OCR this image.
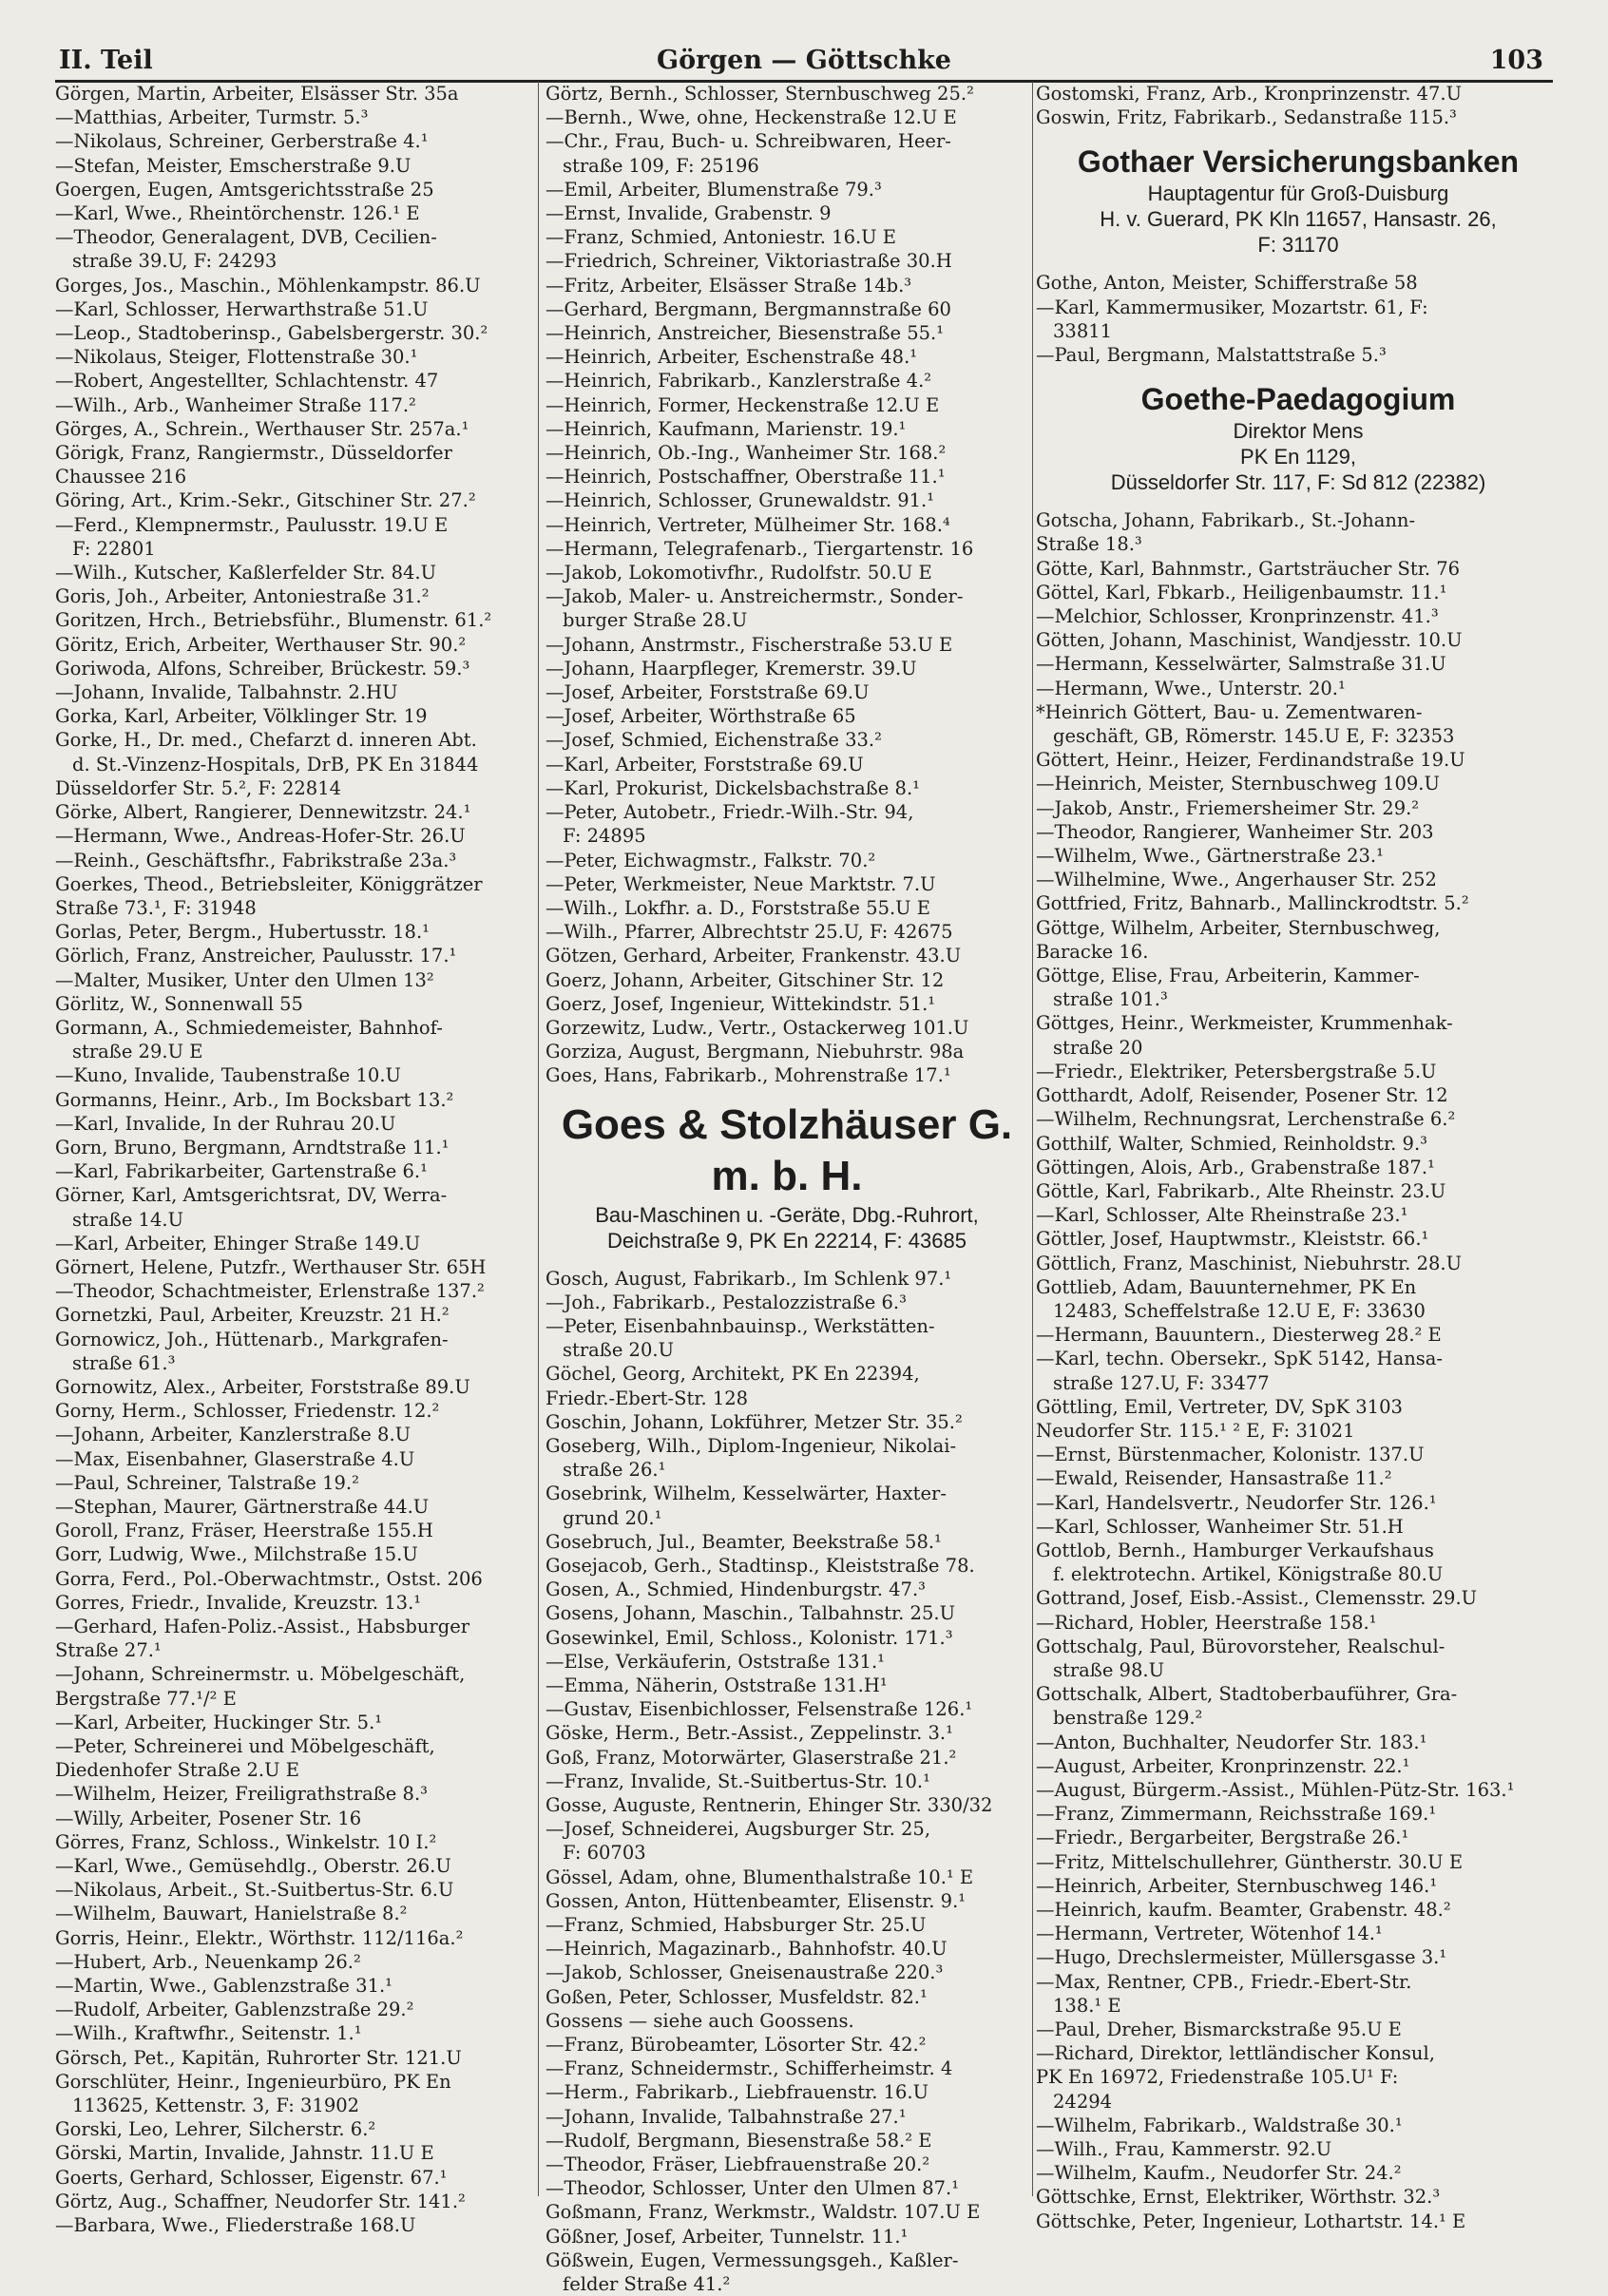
II. Teil	Görgen — Göttschke	103
Görgen, Martin, Arbeiter, Elsässer Str. 35a
—Matthias, Arbeiter, Turmstr. 5.³
—Nikolaus, Schreiner, Gerberstraße 4.¹
—Stefan, Meister, Emscherstraße 9.U
Goergen, Eugen, Amtsgerichtsstraße 25
—Karl, Wwe., Rheintörchenstr. 126.¹ E
—Theodor, Generalagent, DVB, Cecilien-
straße 39.U, F: 24293
Gorges, Jos., Maschin., Möhlenkampstr. 86.U
—Karl, Schlosser, Herwarthstraße 51.U
—Leop., Stadtoberinsp., Gabelsbergerstr. 30.²
—Nikolaus, Steiger, Flottenstraße 30.¹
—Robert, Angestellter, Schlachtenstr. 47
—Wilh., Arb., Wanheimer Straße 117.²
Görges, A., Schrein., Werthauser Str. 257a.¹
Görigk, Franz, Rangiermstr., Düsseldorfer
Chaussee 216
Göring, Art., Krim.-Sekr., Gitschiner Str. 27.²
—Ferd., Klempnermstr., Paulusstr. 19.U E
F: 22801
—Wilh., Kutscher, Kaßlerfelder Str. 84.U
Goris, Joh., Arbeiter, Antoniestraße 31.²
Goritzen, Hrch., Betriebsführ., Blumenstr. 61.²
Göritz, Erich, Arbeiter, Werthauser Str. 90.²
Goriwoda, Alfons, Schreiber, Brückestr. 59.³
—Johann, Invalide, Talbahnstr. 2.HU
Gorka, Karl, Arbeiter, Völklinger Str. 19
Gorke, H., Dr. med., Chefarzt d. inneren Abt.
d. St.-Vinzenz-Hospitals, DrB, PK En 31844
Düsseldorfer Str. 5.², F: 22814
Görke, Albert, Rangierer, Dennewitzstr. 24.¹
—Hermann, Wwe., Andreas-Hofer-Str. 26.U
—Reinh., Geschäftsfhr., Fabrikstraße 23a.³
Goerkes, Theod., Betriebsleiter, Königgrätzer
Straße 73.¹, F: 31948
Gorlas, Peter, Bergm., Hubertusstr. 18.¹
Görlich, Franz, Anstreicher, Paulusstr. 17.¹
—Malter, Musiker, Unter den Ulmen 13²
Görlitz, W., Sonnenwall 55
Gormann, A., Schmiedemeister, Bahnhof-
straße 29.U E
—Kuno, Invalide, Taubenstraße 10.U
Gormanns, Heinr., Arb., Im Bocksbart 13.²
—Karl, Invalide, In der Ruhrau 20.U
Gorn, Bruno, Bergmann, Arndtstraße 11.¹
—Karl, Fabrikarbeiter, Gartenstraße 6.¹
Görner, Karl, Amtsgerichtsrat, DV, Werra-
straße 14.U
—Karl, Arbeiter, Ehinger Straße 149.U
Görnert, Helene, Putzfr., Werthauser Str. 65H
—Theodor, Schachtmeister, Erlenstraße 137.²
Gornetzki, Paul, Arbeiter, Kreuzstr. 21 H.²
Gornowicz, Joh., Hüttenarb., Markgrafen-
straße 61.³
Gornowitz, Alex., Arbeiter, Forststraße 89.U
Gorny, Herm., Schlosser, Friedenstr. 12.²
—Johann, Arbeiter, Kanzlerstraße 8.U
—Max, Eisenbahner, Glaserstraße 4.U
—Paul, Schreiner, Talstraße 19.²
—Stephan, Maurer, Gärtnerstraße 44.U
Goroll, Franz, Fräser, Heerstraße 155.H
Gorr, Ludwig, Wwe., Milchstraße 15.U
Gorra, Ferd., Pol.-Oberwachtmstr., Ostst. 206
Gorres, Friedr., Invalide, Kreuzstr. 13.¹
—Gerhard, Hafen-Poliz.-Assist., Habsburger
Straße 27.¹
—Johann, Schreinermstr. u. Möbelgeschäft,
Bergstraße 77.¹/² E
—Karl, Arbeiter, Huckinger Str. 5.¹
—Peter, Schreinerei und Möbelgeschäft,
Diedenhofer Straße 2.U E
—Wilhelm, Heizer, Freiligrathstraße 8.³
—Willy, Arbeiter, Posener Str. 16
Görres, Franz, Schloss., Winkelstr. 10 I.²
—Karl, Wwe., Gemüsehdlg., Oberstr. 26.U
—Nikolaus, Arbeit., St.-Suitbertus-Str. 6.U
—Wilhelm, Bauwart, Hanielstraße 8.²
Gorris, Heinr., Elektr., Wörthstr. 112/116a.²
—Hubert, Arb., Neuenkamp 26.²
—Martin, Wwe., Gablenzstraße 31.¹
—Rudolf, Arbeiter, Gablenzstraße 29.²
—Wilh., Kraftwfhr., Seitenstr. 1.¹
Görsch, Pet., Kapitän, Ruhrorter Str. 121.U
Gorschlüter, Heinr., Ingenieurbüro, PK En
113625, Kettenstr. 3, F: 31902
Gorski, Leo, Lehrer, Silcherstr. 6.²
Görski, Martin, Invalide, Jahnstr. 11.U E
Goerts, Gerhard, Schlosser, Eigenstr. 67.¹
Görtz, Aug., Schaffner, Neudorfer Str. 141.²
—Barbara, Wwe., Fliederstraße 168.U
Görtz, Bernh., Schlosser, Sternbuschweg 25.²
—Bernh., Wwe, ohne, Heckenstraße 12.U E
—Chr., Frau, Buch- u. Schreibwaren, Heer-
straße 109, F: 25196
—Emil, Arbeiter, Blumenstraße 79.³
—Ernst, Invalide, Grabenstr. 9
—Franz, Schmied, Antoniestr. 16.U E
—Friedrich, Schreiner, Viktoriastraße 30.H
—Fritz, Arbeiter, Elsässer Straße 14b.³
—Gerhard, Bergmann, Bergmannstraße 60
—Heinrich, Anstreicher, Biesenstraße 55.¹
—Heinrich, Arbeiter, Eschenstraße 48.¹
—Heinrich, Fabrikarb., Kanzlerstraße 4.²
—Heinrich, Former, Heckenstraße 12.U E
—Heinrich, Kaufmann, Marienstr. 19.¹
—Heinrich, Ob.-Ing., Wanheimer Str. 168.²
—Heinrich, Postschaffner, Oberstraße 11.¹
—Heinrich, Schlosser, Grunewaldstr. 91.¹
—Heinrich, Vertreter, Mülheimer Str. 168.⁴
—Hermann, Telegrafenarb., Tiergartenstr. 16
—Jakob, Lokomotivfhr., Rudolfstr. 50.U E
—Jakob, Maler- u. Anstreichermstr., Sonder-
burger Straße 28.U
—Johann, Anstrmstr., Fischerstraße 53.U E
—Johann, Haarpfleger, Kremerstr. 39.U
—Josef, Arbeiter, Forststraße 69.U
—Josef, Arbeiter, Wörthstraße 65
—Josef, Schmied, Eichenstraße 33.²
—Karl, Arbeiter, Forststraße 69.U
—Karl, Prokurist, Dickelsbachstraße 8.¹
—Peter, Autobetr., Friedr.-Wilh.-Str. 94,
F: 24895
—Peter, Eichwagmstr., Falkstr. 70.²
—Peter, Werkmeister, Neue Marktstr. 7.U
—Wilh., Lokfhr. a. D., Forststraße 55.U E
—Wilh., Pfarrer, Albrechtstr 25.U, F: 42675
Götzen, Gerhard, Arbeiter, Frankenstr. 43.U
Goerz, Johann, Arbeiter, Gitschiner Str. 12
Goerz, Josef, Ingenieur, Wittekindstr. 51.¹
Gorzewitz, Ludw., Vertr., Ostackerweg 101.U
Gorziza, August, Bergmann, Niebuhrstr. 98a
Goes, Hans, Fabrikarb., Mohrenstraße 17.¹
Goes & Stolzhäuser G. m. b. H.
Bau-Maschinen u. -Geräte, Dbg.-Ruhrort,
Deichstraße 9, PK En 22214, F: 43685
Gosch, August, Fabrikarb., Im Schlenk 97.¹
—Joh., Fabrikarb., Pestalozzistraße 6.³
—Peter, Eisenbahnbauinsp., Werkstätten-
straße 20.U
Göchel, Georg, Architekt, PK En 22394,
Friedr.-Ebert-Str. 128
Goschin, Johann, Lokführer, Metzer Str. 35.²
Goseberg, Wilh., Diplom-Ingenieur, Nikolai-
straße 26.¹
Gosebrink, Wilhelm, Kesselwärter, Haxter-
grund 20.¹
Gosebruch, Jul., Beamter, Beekstraße 58.¹
Gosejacob, Gerh., Stadtinsp., Kleiststraße 78.
Gosen, A., Schmied, Hindenburgstr. 47.³
Gosens, Johann, Maschin., Talbahnstr. 25.U
Gosewinkel, Emil, Schloss., Kolonistr. 171.³
—Else, Verkäuferin, Oststraße 131.¹
—Emma, Näherin, Oststraße 131.H¹
—Gustav, Eisenbichlosser, Felsenstraße 126.¹
Göske, Herm., Betr.-Assist., Zeppelinstr. 3.¹
Goß, Franz, Motorwärter, Glaserstraße 21.²
—Franz, Invalide, St.-Suitbertus-Str. 10.¹
Gosse, Auguste, Rentnerin, Ehinger Str. 330/32
—Josef, Schneiderei, Augsburger Str. 25,
F: 60703
Gössel, Adam, ohne, Blumenthalstraße 10.¹ E
Gossen, Anton, Hüttenbeamter, Elisenstr. 9.¹
—Franz, Schmied, Habsburger Str. 25.U
—Heinrich, Magazinarb., Bahnhofstr. 40.U
—Jakob, Schlosser, Gneisenaustraße 220.³
Goßen, Peter, Schlosser, Musfeldstr. 82.¹
Gossens — siehe auch Goossens.
—Franz, Bürobeamter, Lösorter Str. 42.²
—Franz, Schneidermstr., Schifferheimstr. 4
—Herm., Fabrikarb., Liebfrauenstr. 16.U
—Johann, Invalide, Talbahnstraße 27.¹
—Rudolf, Bergmann, Biesenstraße 58.² E
—Theodor, Fräser, Liebfrauenstraße 20.²
—Theodor, Schlosser, Unter den Ulmen 87.¹
Goßmann, Franz, Werkmstr., Waldstr. 107.U E
Gößner, Josef, Arbeiter, Tunnelstr. 11.¹
Gößwein, Eugen, Vermessungsgeh., Kaßler-
felder Straße 41.²
Gostomski, Franz, Arb., Kronprinzenstr. 47.U
Goswin, Fritz, Fabrikarb., Sedanstraße 115.³
Gothaer Versicherungsbanken
Hauptagentur für Groß-Duisburg
H. v. Guerard, PK Kln 11657, Hansastr. 26,
F: 31170
Gothe, Anton, Meister, Schifferstraße 58
—Karl, Kammermusiker, Mozartstr. 61, F:
33811
—Paul, Bergmann, Malstattstraße 5.³
Goethe-Paedagogium
Direktor Mens
PK En 1129,
Düsseldorfer Str. 117, F: Sd 812 (22382)
Gotscha, Johann, Fabrikarb., St.-Johann-
Straße 18.³
Götte, Karl, Bahnmstr., Gartsträucher Str. 76
Göttel, Karl, Fbkarb., Heiligenbaumstr. 11.¹
—Melchior, Schlosser, Kronprinzenstr. 41.³
Götten, Johann, Maschinist, Wandjesstr. 10.U
—Hermann, Kesselwärter, Salmstraße 31.U
—Hermann, Wwe., Unterstr. 20.¹
*Heinrich Göttert, Bau- u. Zementwaren-
geschäft, GB, Römerstr. 145.U E, F: 32353
Göttert, Heinr., Heizer, Ferdinandstraße 19.U
—Heinrich, Meister, Sternbuschweg 109.U
—Jakob, Anstr., Friemersheimer Str. 29.²
—Theodor, Rangierer, Wanheimer Str. 203
—Wilhelm, Wwe., Gärtnerstraße 23.¹
—Wilhelmine, Wwe., Angerhauser Str. 252
Gottfried, Fritz, Bahnarb., Mallinckrodtstr. 5.²
Göttge, Wilhelm, Arbeiter, Sternbuschweg,
Baracke 16.
Göttge, Elise, Frau, Arbeiterin, Kammer-
straße 101.³
Göttges, Heinr., Werkmeister, Krummenhak-
straße 20
—Friedr., Elektriker, Petersbergstraße 5.U
Gotthardt, Adolf, Reisender, Posener Str. 12
—Wilhelm, Rechnungsrat, Lerchenstraße 6.²
Gotthilf, Walter, Schmied, Reinholdstr. 9.³
Göttingen, Alois, Arb., Grabenstraße 187.¹
Göttle, Karl, Fabrikarb., Alte Rheinstr. 23.U
—Karl, Schlosser, Alte Rheinstraße 23.¹
Göttler, Josef, Hauptwmstr., Kleiststr. 66.¹
Göttlich, Franz, Maschinist, Niebuhrstr. 28.U
Gottlieb, Adam, Bauunternehmer, PK En
12483, Scheffelstraße 12.U E, F: 33630
—Hermann, Bauuntern., Diesterweg 28.² E
—Karl, techn. Obersekr., SpK 5142, Hansa-
straße 127.U, F: 33477
Göttling, Emil, Vertreter, DV, SpK 3103
Neudorfer Str. 115.¹ ² E, F: 31021
—Ernst, Bürstenmacher, Kolonistr. 137.U
—Ewald, Reisender, Hansastraße 11.²
—Karl, Handelsvertr., Neudorfer Str. 126.¹
—Karl, Schlosser, Wanheimer Str. 51.H
Gottlob, Bernh., Hamburger Verkaufshaus
f. elektrotechn. Artikel, Königstraße 80.U
Gottrand, Josef, Eisb.-Assist., Clemensstr. 29.U
—Richard, Hobler, Heerstraße 158.¹
Gottschalg, Paul, Bürovorsteher, Realschul-
straße 98.U
Gottschalk, Albert, Stadtoberbauführer, Gra-
benstraße 129.²
—Anton, Buchhalter, Neudorfer Str. 183.¹
—August, Arbeiter, Kronprinzenstr. 22.¹
—August, Bürgerm.-Assist., Mühlen-Pütz-Str. 163.¹
—Franz, Zimmermann, Reichsstraße 169.¹
—Friedr., Bergarbeiter, Bergstraße 26.¹
—Fritz, Mittelschullehrer, Güntherstr. 30.U E
—Heinrich, Arbeiter, Sternbuschweg 146.¹
—Heinrich, kaufm. Beamter, Grabenstr. 48.²
—Hermann, Vertreter, Wötenhof 14.¹
—Hugo, Drechslermeister, Müllersgasse 3.¹
—Max, Rentner, CPB., Friedr.-Ebert-Str.
138.¹ E
—Paul, Dreher, Bismarckstraße 95.U E
—Richard, Direktor, lettländischer Konsul,
PK En 16972, Friedenstraße 105.U¹ F:
24294
—Wilhelm, Fabrikarb., Waldstraße 30.¹
—Wilh., Frau, Kammerstr. 92.U
—Wilhelm, Kaufm., Neudorfer Str. 24.²
Göttschke, Ernst, Elektriker, Wörthstr. 32.³
Göttschke, Peter, Ingenieur, Lothartstr. 14.¹ E
